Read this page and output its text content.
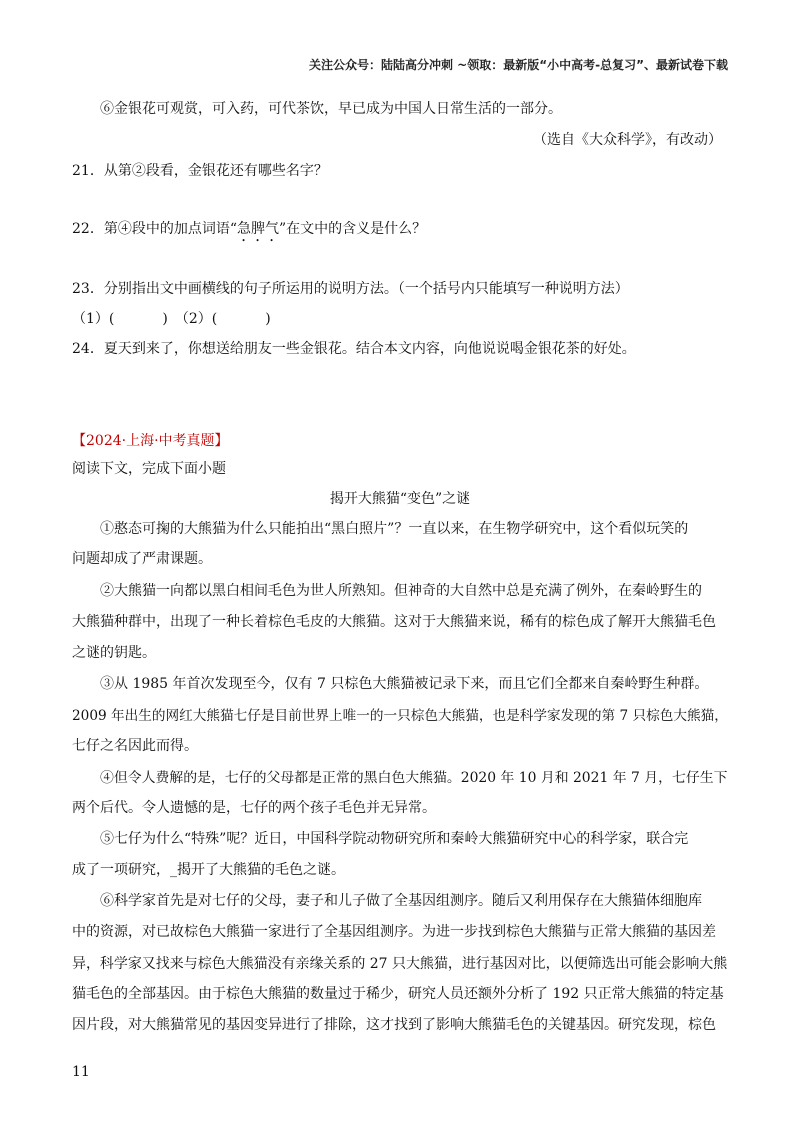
关注公众号：陆陆高分冲刺 ~领取：最新版“小中高考-总复习”、最新试卷下载
⑥金银花可观赏，可入药，可代茶饮，早已成为中国人日常生活的一部分。
（选自《大众科学》，有改动）
21．从第②段看，金银花还有哪些名字？
22．第④段中的加点词语“急脾气”在文中的含义是什么？
23．分别指出文中画横线的句子所运用的说明方法。（一个括号内只能填写一种说明方法）
（1）(	)　（2）(	)
24．夏天到来了，你想送给朋友一些金银花。结合本文内容，向他说说喝金银花茶的好处。
【2024·上海·中考真题】
阅读下文，完成下面小题
揭开大熊猫“变色”之谜
①憨态可掬的大熊猫为什么只能拍出“黑白照片”？一直以来，在生物学研究中，这个看似玩笑的
问题却成了严肃课题。
②大熊猫一向都以黑白相间毛色为世人所熟知。但神奇的大自然中总是充满了例外，在秦岭野生的
大熊猫种群中，出现了一种长着棕色毛皮的大熊猫。这对于大熊猫来说，稀有的棕色成了解开大熊猫毛色
之谜的钥匙。
③从 1985 年首次发现至今，仅有 7 只棕色大熊猫被记录下来，而且它们全都来自秦岭野生种群。
2009 年出生的网红大熊猫七仔是目前世界上唯一的一只棕色大熊猫，也是科学家发现的第 7 只棕色大熊猫，
七仔之名因此而得。
④但令人费解的是，七仔的父母都是正常的黑白色大熊猫。2020 年 10 月和 2021 年 7 月，七仔生下
两个后代。令人遗憾的是，七仔的两个孩子毛色并无异常。
⑤七仔为什么“特殊”呢？近日，中国科学院动物研究所和秦岭大熊猫研究中心的科学家，联合完
成了一项研究，_揭开了大熊猫的毛色之谜。
⑥科学家首先是对七仔的父母，妻子和儿子做了全基因组测序。随后又利用保存在大熊猫体细胞库
中的资源，对已故棕色大熊猫一家进行了全基因组测序。为进一步找到棕色大熊猫与正常大熊猫的基因差
异，科学家又找来与棕色大熊猫没有亲缘关系的 27 只大熊猫，进行基因对比，以便筛选出可能会影响大熊
猫毛色的全部基因。由于棕色大熊猫的数量过于稀少，研究人员还额外分析了 192 只正常大熊猫的特定基
因片段，对大熊猫常见的基因变异进行了排除，这才找到了影响大熊猫毛色的关键基因。研究发现，棕色
11
